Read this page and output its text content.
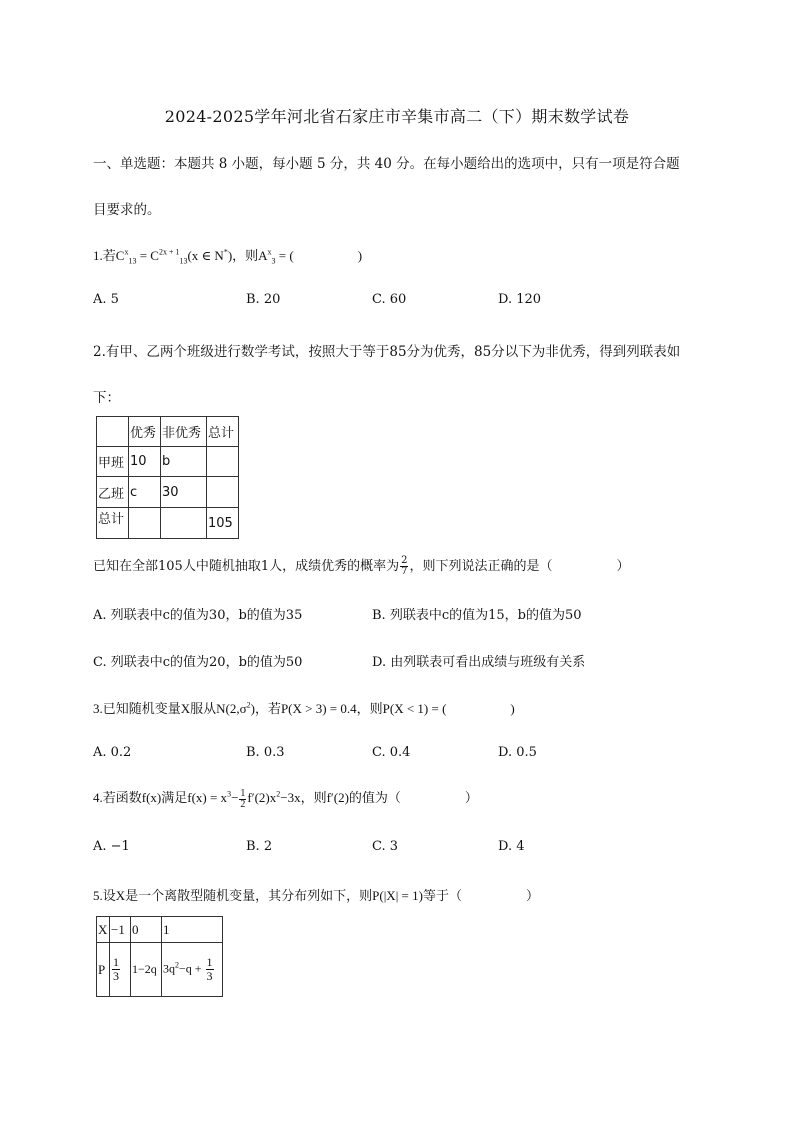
2024-2025学年河北省石家庄市辛集市高二（下）期末数学试卷
一、单选题：本题共 8 小题，每小题 5 分，共 40 分。在每小题给出的选项中，只有一项是符合题
目要求的。
1.若$C^x_{13} = C^{2x + 1}_{13}(x$ ∈ N*)，则$A^x_3$ = (	)
A. 5	B. 20	C. 60	D. 120
2.有甲、乙两个班级进行数学考试，按照大于等于85分为优秀，85分以下为非优秀，得到列联表如
下：
	优秀	非优秀	总计
甲班	10	b	
乙班	c	30	
总计			105
已知在全部105人中随机抽取1人，成绩优秀的概率为 $\frac{2}{7}$ ，则下列说法正确的是（	）
A. 列联表中c的值为30，b的值为35	B. 列联表中c的值为15，b的值为50
C. 列联表中c的值为20，b的值为50	D. 由列联表可看出成绩与班级有关系
3.已知随机变量X服从$N(2,\sigma^2)$，若P(X > 3) = 0.4，则P(X < 1) = (	)
A. 0.2	B. 0.3	C. 0.4	D. 0.5
4.若函数f(x)满足$f(x) = x^3- \frac{1}{2} f'(2)x^2-3x$，则f′(2)的值为（	）
A. −1	B. 2	C. 3	D. 4
5.设X是一个离散型随机变量，其分布列如下，则P(|X| = 1)等于（	）
X	−1	0	1
P	$\frac{1}{3}$	1−2q	$3q^2-q + \frac{1}{3}$
